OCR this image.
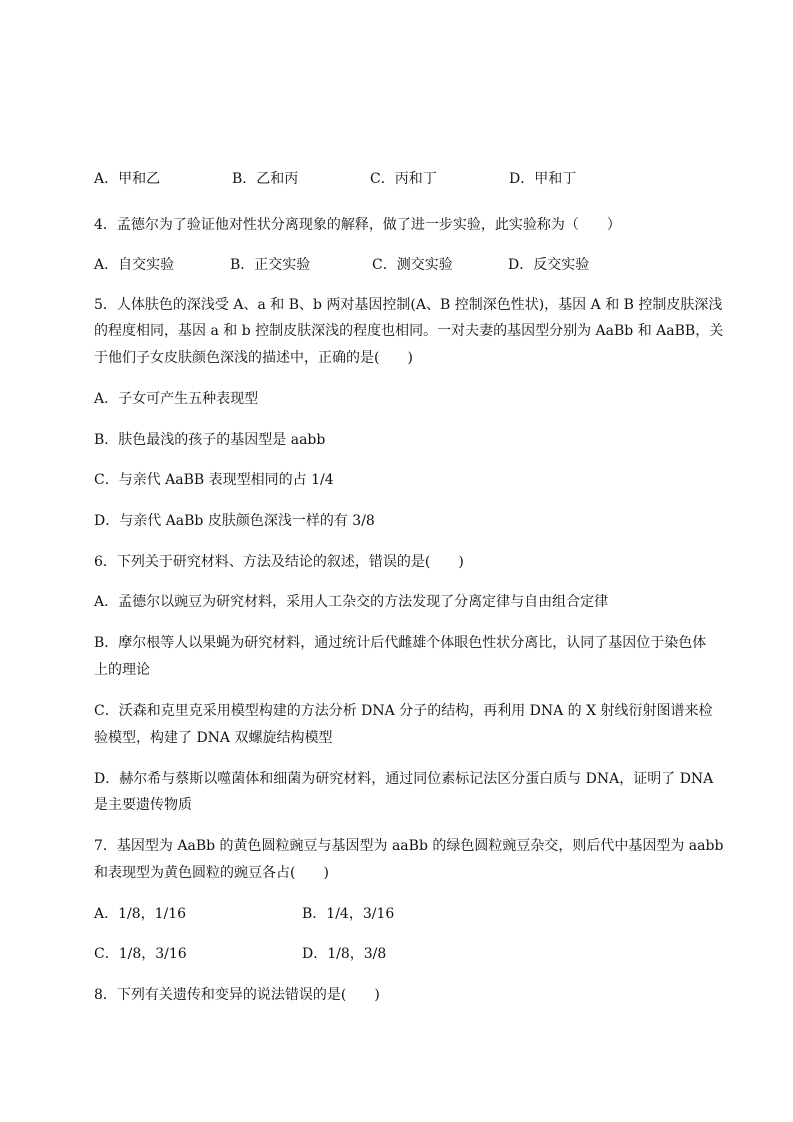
A．甲和乙	B．乙和丙	C．丙和丁	D．甲和丁
4．孟德尔为了验证他对性状分离现象的解释，做了进一步实验，此实验称为（　　）
A．自交实验	B．正交实验	C．测交实验	D．反交实验
5．人体肤色的深浅受 A、a 和 B、b 两对基因控制(A、B 控制深色性状)，基因 A 和 B 控制皮肤深浅
的程度相同，基因 a 和 b 控制皮肤深浅的程度也相同。一对夫妻的基因型分别为 AaBb 和 AaBB，关
于他们子女皮肤颜色深浅的描述中，正确的是(　　)
A．子女可产生五种表现型
B．肤色最浅的孩子的基因型是 aabb
C．与亲代 AaBB 表现型相同的占 1/4
D．与亲代 AaBb 皮肤颜色深浅一样的有 3/8
6．下列关于研究材料、方法及结论的叙述，错误的是(　　)
A．孟德尔以豌豆为研究材料，采用人工杂交的方法发现了分离定律与自由组合定律
B．摩尔根等人以果蝇为研究材料，通过统计后代雌雄个体眼色性状分离比，认同了基因位于染色体
上的理论
C．沃森和克里克采用模型构建的方法分析 DNA 分子的结构，再利用 DNA 的 X 射线衍射图谱来检
验模型，构建了 DNA 双螺旋结构模型
D．赫尔希与蔡斯以噬菌体和细菌为研究材料，通过同位素标记法区分蛋白质与 DNA，证明了 DNA
是主要遗传物质
7．基因型为 AaBb 的黄色圆粒豌豆与基因型为 aaBb 的绿色圆粒豌豆杂交，则后代中基因型为 aabb
和表现型为黄色圆粒的豌豆各占(　　)
A．1/8，1/16	B．1/4，3/16
C．1/8，3/16	D．1/8，3/8
8．下列有关遗传和变异的说法错误的是(　　)
